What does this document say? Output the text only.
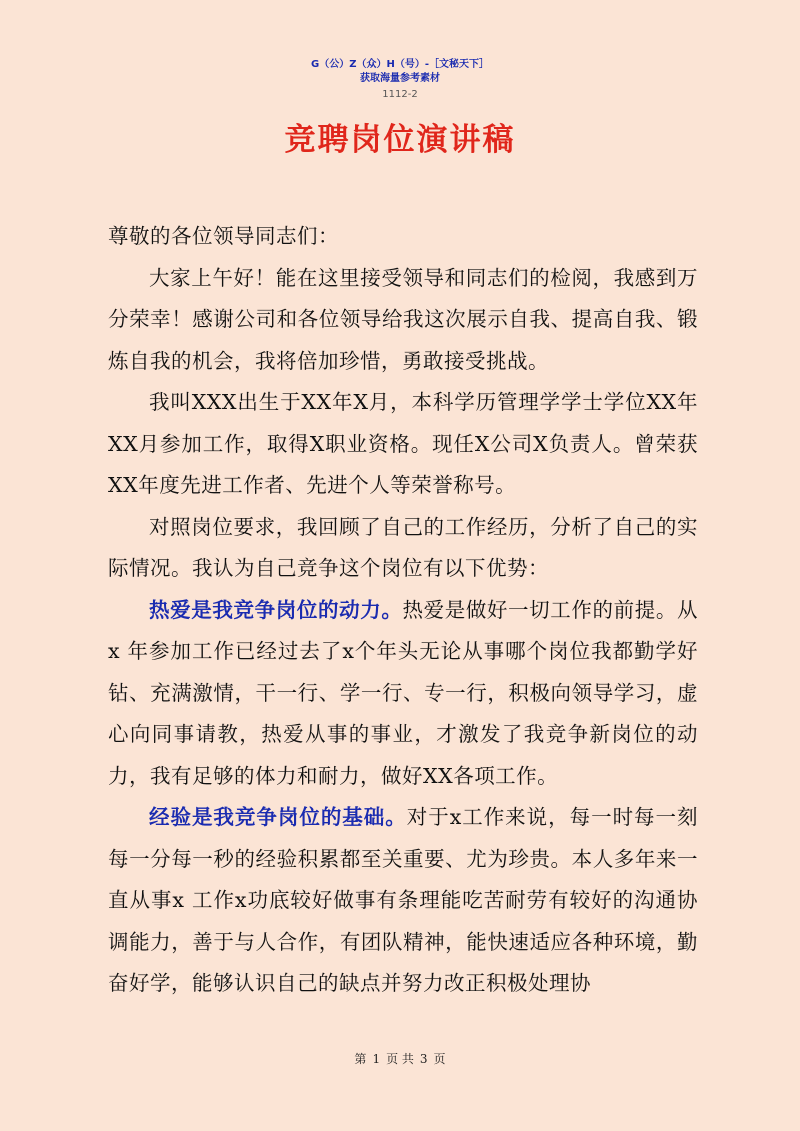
G（公）Z（众）H（号）-［文秘天下］
获取海量参考素材
1112-2
竞聘岗位演讲稿

尊敬的各位领导同志们：

大家上午好！能在这里接受领导和同志们的检阅，我感到万分荣幸！感谢公司和各位领导给我这次展示自我、提高自我、锻炼自我的机会，我将倍加珍惜，勇敢接受挑战。

我叫XXX出生于XX年X月，本科学历管理学学士学位XX年XX月参加工作，取得X职业资格。现任X公司X负责人。曾荣获XX年度先进工作者、先进个人等荣誉称号。

对照岗位要求，我回顾了自己的工作经历，分析了自己的实际情况。我认为自己竞争这个岗位有以下优势：

热爱是我竞争岗位的动力。热爱是做好一切工作的前提。从x 年参加工作已经过去了x个年头无论从事哪个岗位我都勤学好钻、充满激情，干一行、学一行、专一行，积极向领导学习，虚心向同事请教，热爱从事的事业，才激发了我竞争新岗位的动力，我有足够的体力和耐力，做好XX各项工作。

经验是我竞争岗位的基础。对于x工作来说，每一时每一刻每一分每一秒的经验积累都至关重要、尤为珍贵。本人多年来一直从事x 工作x功底较好做事有条理能吃苦耐劳有较好的沟通协调能力，善于与人合作，有团队精神，能快速适应各种环境，勤奋好学，能够认识自己的缺点并努力改正积极处理协

第 1 页 共 3 页
